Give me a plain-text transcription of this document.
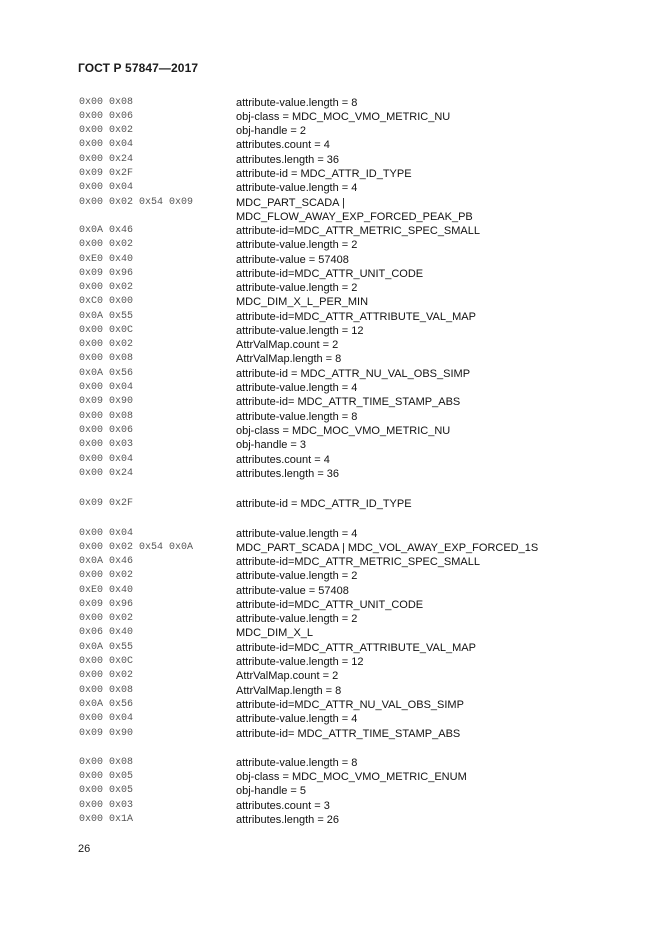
ГОСТ Р 57847—2017
0x00 0x08	attribute-value.length = 8
0x00 0x06	obj-class = MDC_MOC_VMO_METRIC_NU
0x00 0x02	obj-handle = 2
0x00 0x04	attributes.count = 4
0x00 0x24	attributes.length = 36
0x09 0x2F	attribute-id = MDC_ATTR_ID_TYPE
0x00 0x04	attribute-value.length = 4
0x00 0x02 0x54 0x09	MDC_PART_SCADA |
MDC_FLOW_AWAY_EXP_FORCED_PEAK_PB
0x0A 0x46	attribute-id=MDC_ATTR_METRIC_SPEC_SMALL
0x00 0x02	attribute-value.length = 2
0xE0 0x40	attribute-value = 57408
0x09 0x96	attribute-id=MDC_ATTR_UNIT_CODE
0x00 0x02	attribute-value.length = 2
0xC0 0x00	MDC_DIM_X_L_PER_MIN
0x0A 0x55	attribute-id=MDC_ATTR_ATTRIBUTE_VAL_MAP
0x00 0x0C	attribute-value.length = 12
0x00 0x02	AttrValMap.count = 2
0x00 0x08	AttrValMap.length = 8
0x0A 0x56	attribute-id = MDC_ATTR_NU_VAL_OBS_SIMP
0x00 0x04	attribute-value.length = 4
0x09 0x90	attribute-id= MDC_ATTR_TIME_STAMP_ABS
0x00 0x08	attribute-value.length = 8
0x00 0x06	obj-class = MDC_MOC_VMO_METRIC_NU
0x00 0x03	obj-handle = 3
0x00 0x04	attributes.count = 4
0x00 0x24	attributes.length = 36
0x09 0x2F	attribute-id = MDC_ATTR_ID_TYPE
0x00 0x04	attribute-value.length = 4
0x00 0x02 0x54 0x0A	MDC_PART_SCADA | MDC_VOL_AWAY_EXP_FORCED_1S
0x0A 0x46	attribute-id=MDC_ATTR_METRIC_SPEC_SMALL
0x00 0x02	attribute-value.length = 2
0xE0 0x40	attribute-value = 57408
0x09 0x96	attribute-id=MDC_ATTR_UNIT_CODE
0x00 0x02	attribute-value.length = 2
0x06 0x40	MDC_DIM_X_L
0x0A 0x55	attribute-id=MDC_ATTR_ATTRIBUTE_VAL_MAP
0x00 0x0C	attribute-value.length = 12
0x00 0x02	AttrValMap.count = 2
0x00 0x08	AttrValMap.length = 8
0x0A 0x56	attribute-id=MDC_ATTR_NU_VAL_OBS_SIMP
0x00 0x04	attribute-value.length = 4
0x09 0x90	attribute-id= MDC_ATTR_TIME_STAMP_ABS
0x00 0x08	attribute-value.length = 8
0x00 0x05	obj-class = MDC_MOC_VMO_METRIC_ENUM
0x00 0x05	obj-handle = 5
0x00 0x03	attributes.count = 3
0x00 0x1A	attributes.length = 26
26
